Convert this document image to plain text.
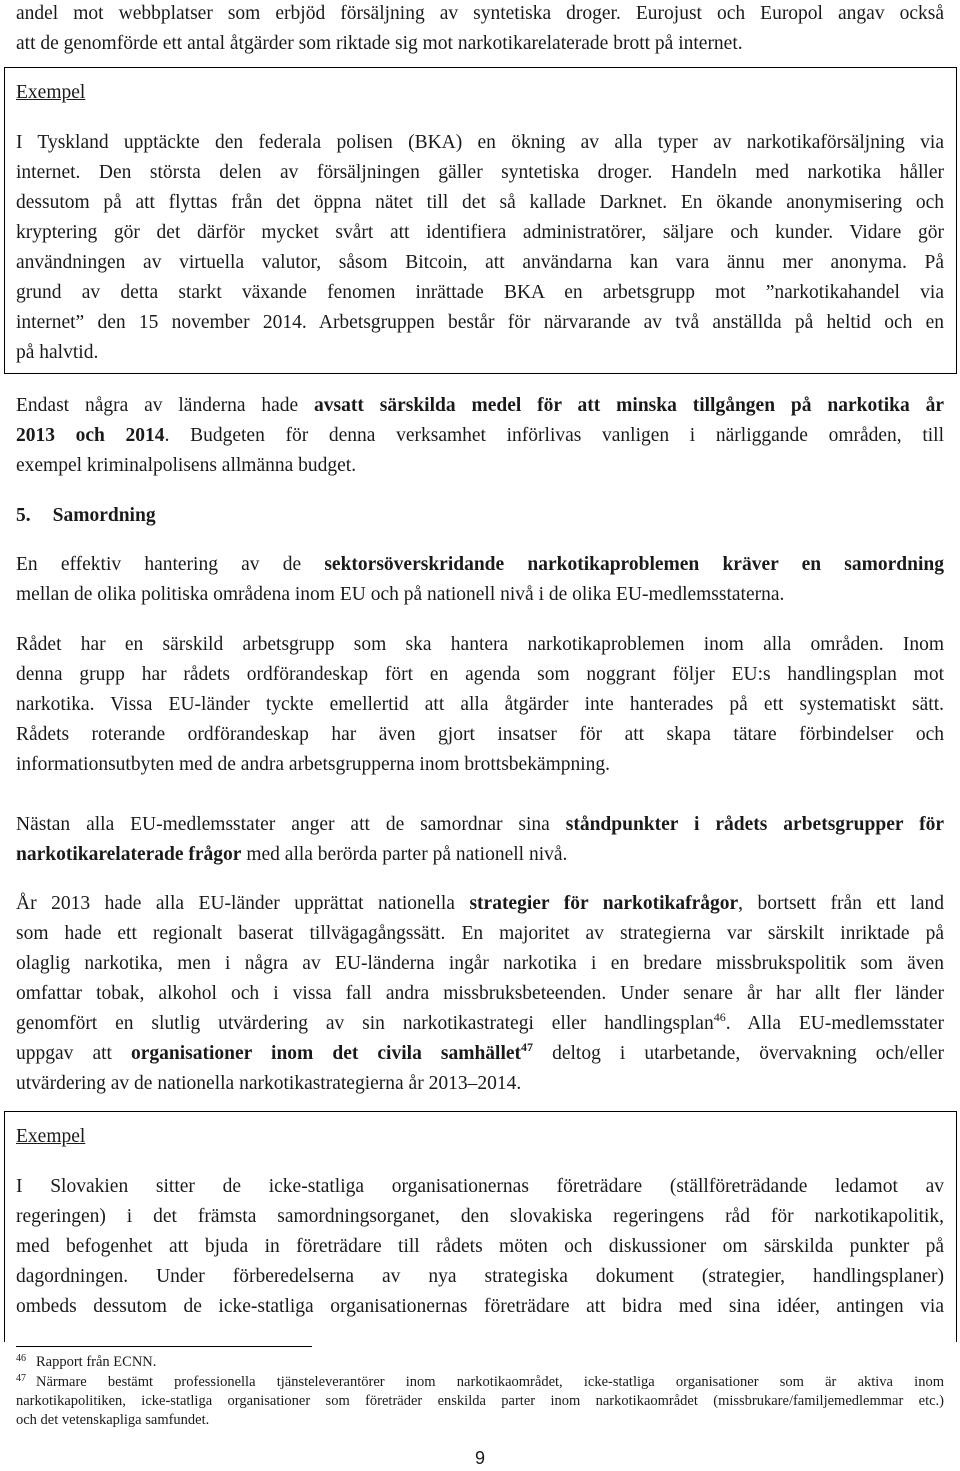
andel mot webbplatser som erbjöd försäljning av syntetiska droger. Eurojust och Europol angav också
att de genomförde ett antal åtgärder som riktade sig mot narkotikarelaterade brott på internet.
Exempel
I Tyskland upptäckte den federala polisen (BKA) en ökning av alla typer av narkotikaförsäljning via
internet. Den största delen av försäljningen gäller syntetiska droger. Handeln med narkotika håller
dessutom på att flyttas från det öppna nätet till det så kallade Darknet. En ökande anonymisering och
kryptering gör det därför mycket svårt att identifiera administratörer, säljare och kunder. Vidare gör
användningen av virtuella valutor, såsom Bitcoin, att användarna kan vara ännu mer anonyma. På
grund av detta starkt växande fenomen inrättade BKA en arbetsgrupp mot ”narkotikahandel via
internet” den 15 november 2014. Arbetsgruppen består för närvarande av två anställda på heltid och en
på halvtid.
Endast några av länderna hade avsatt särskilda medel för att minska tillgången på narkotika år
2013 och 2014. Budgeten för denna verksamhet införlivas vanligen i närliggande områden, till
exempel kriminalpolisens allmänna budget.
5. Samordning
En effektiv hantering av de sektorsöverskridande narkotikaproblemen kräver en samordning
mellan de olika politiska områdena inom EU och på nationell nivå i de olika EU-medlemsstaterna.
Rådet har en särskild arbetsgrupp som ska hantera narkotikaproblemen inom alla områden. Inom
denna grupp har rådets ordförandeskap fört en agenda som noggrant följer EU:s handlingsplan mot
narkotika. Vissa EU-länder tyckte emellertid att alla åtgärder inte hanterades på ett systematiskt sätt.
Rådets roterande ordförandeskap har även gjort insatser för att skapa tätare förbindelser och
informationsutbyten med de andra arbetsgrupperna inom brottsbekämpning.
Nästan alla EU-medlemsstater anger att de samordnar sina ståndpunkter i rådets arbetsgrupper för
narkotikarelaterade frågor med alla berörda parter på nationell nivå.
År 2013 hade alla EU-länder upprättat nationella strategier för narkotikafrågor, bortsett från ett land
som hade ett regionalt baserat tillvägagångssätt. En majoritet av strategierna var särskilt inriktade på
olaglig narkotika, men i några av EU-länderna ingår narkotika i en bredare missbrukspolitik som även
omfattar tobak, alkohol och i vissa fall andra missbruksbeteenden. Under senare år har allt fler länder
genomfört en slutlig utvärdering av sin narkotikastrategi eller handlingsplan$^{46}$. Alla EU-medlemsstater
uppgav att organisationer inom det civila samhället$^{47}$ deltog i utarbetande, övervakning och/eller
utvärdering av de nationella narkotikastrategierna år 2013–2014.
Exempel
I Slovakien sitter de icke-statliga organisationernas företrädare (ställföreträdande ledamot av
regeringen) i det främsta samordningsorganet, den slovakiska regeringens råd för narkotikapolitik,
med befogenhet att bjuda in företrädare till rådets möten och diskussioner om särskilda punkter på
dagordningen. Under förberedelserna av nya strategiska dokument (strategier, handlingsplaner)
ombeds dessutom de icke-statliga organisationernas företrädare att bidra med sina idéer, antingen via
$^{46}$ Rapport från ECNN.
$^{47}$ Närmare bestämt professionella tjänsteleverantörer inom narkotikaområdet, icke-statliga organisationer som är aktiva inom
narkotikapolitiken, icke-statliga organisationer som företräder enskilda parter inom narkotikaområdet (missbrukare/familjemedlemmar etc.)
och det vetenskapliga samfundet.
9
